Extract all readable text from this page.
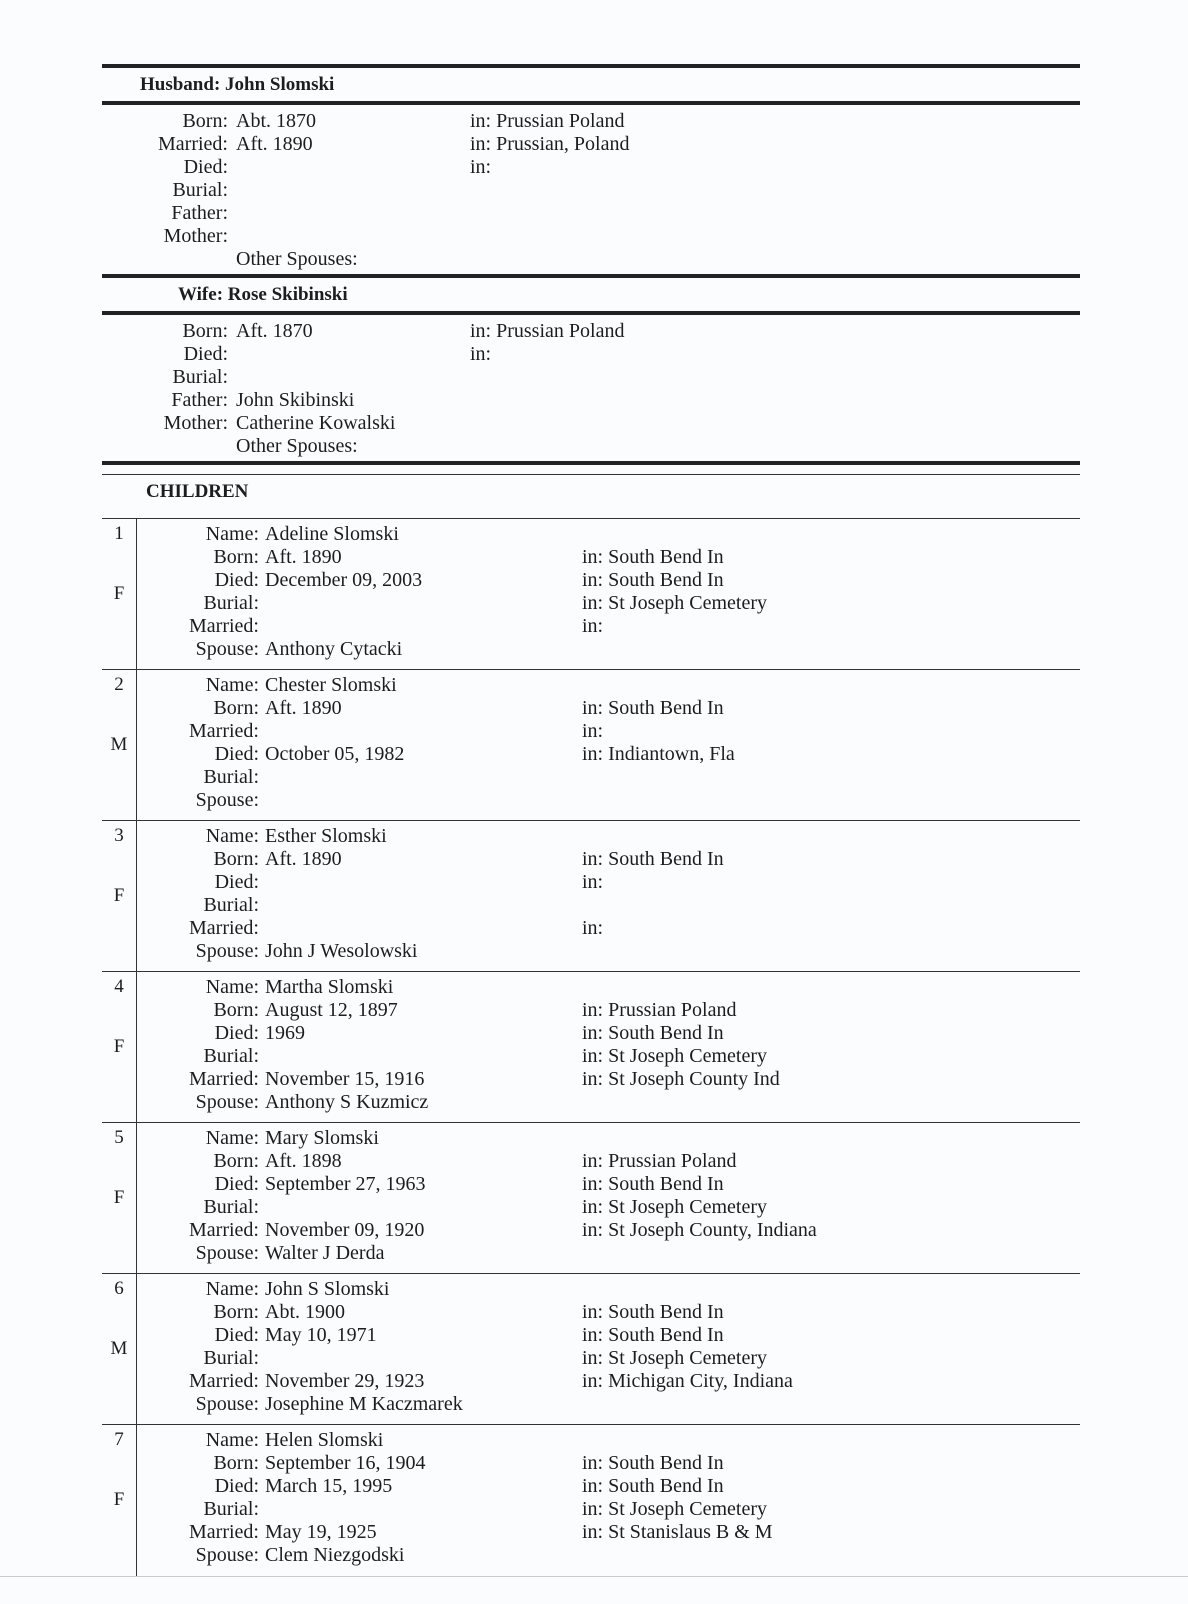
Husband: John Slomski
Born: Abt. 1870	in: Prussian Poland
Married: Aft. 1890	in: Prussian, Poland
Died:	in:
Burial:
Father:
Mother:
Other Spouses:
Wife: Rose Skibinski
Born: Aft. 1870	in: Prussian Poland
Died:	in:
Burial:
Father: John Skibinski
Mother: Catherine Kowalski
Other Spouses:
CHILDREN
1
F
Name: Adeline Slomski
Born: Aft. 1890	in: South Bend In
Died: December 09, 2003	in: South Bend In
Burial:	in: St Joseph Cemetery
Married:	in:
Spouse: Anthony Cytacki
2
M
Name: Chester Slomski
Born: Aft. 1890	in: South Bend In
Married:	in:
Died: October 05, 1982	in: Indiantown, Fla
Burial:
Spouse:
3
F
Name: Esther Slomski
Born: Aft. 1890	in: South Bend In
Died:	in:
Burial:
Married:	in:
Spouse: John J Wesolowski
4
F
Name: Martha Slomski
Born: August 12, 1897	in: Prussian Poland
Died: 1969	in: South Bend In
Burial:	in: St Joseph Cemetery
Married: November 15, 1916	in: St Joseph County Ind
Spouse: Anthony S Kuzmicz
5
F
Name: Mary Slomski
Born: Aft. 1898	in: Prussian Poland
Died: September 27, 1963	in: South Bend In
Burial:	in: St Joseph Cemetery
Married: November 09, 1920	in: St Joseph County, Indiana
Spouse: Walter J Derda
6
M
Name: John S Slomski
Born: Abt. 1900	in: South Bend In
Died: May 10, 1971	in: South Bend In
Burial:	in: St Joseph Cemetery
Married: November 29, 1923	in: Michigan City, Indiana
Spouse: Josephine M Kaczmarek
7
F
Name: Helen Slomski
Born: September 16, 1904	in: South Bend In
Died: March 15, 1995	in: South Bend In
Burial:	in: St Joseph Cemetery
Married: May 19, 1925	in: St Stanislaus B & M
Spouse: Clem Niezgodski
